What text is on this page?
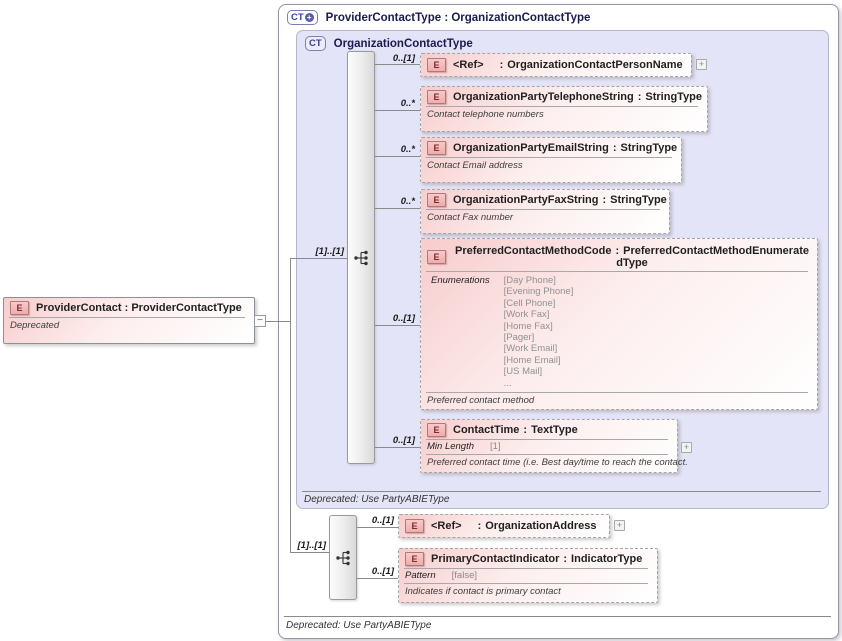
CT + ProviderContactType : OrganizationContactType
Deprecated: Use PartyABIEType
CT OrganizationContactType
Deprecated: Use PartyABIEType
E	ProviderContact : ProviderContactType
Deprecated	−
[1]..[1]
[1]..[1]
0..[1]
0..*
0..*
0..*
0..[1]
0..[1]
0..[1]
0..[1]
E	<Ref> : OrganizationContactPersonName	+
E	OrganizationPartyTelephoneString : StringType
Contact telephone numbers
E	OrganizationPartyEmailString : StringType
Contact Email address
E	OrganizationPartyFaxString : StringType
Contact Fax number
E	PreferredContactMethodCode : PreferredContactMethodEnumeratedType
Enumerations [Day Phone]
[Evening Phone]
[Cell Phone]
[Work Fax]
[Home Fax]
[Pager]
[Work Email]
[Home Email]
[US Mail]
...
Preferred contact method
E	ContactTime : TextType
Min Length [1]
Preferred contact time (i.e. Best day/time to reach the contact.
+
E	<Ref> : OrganizationAddress	+
E	PrimaryContactIndicator : IndicatorType
Pattern [false]
Indicates if contact is primary contact
